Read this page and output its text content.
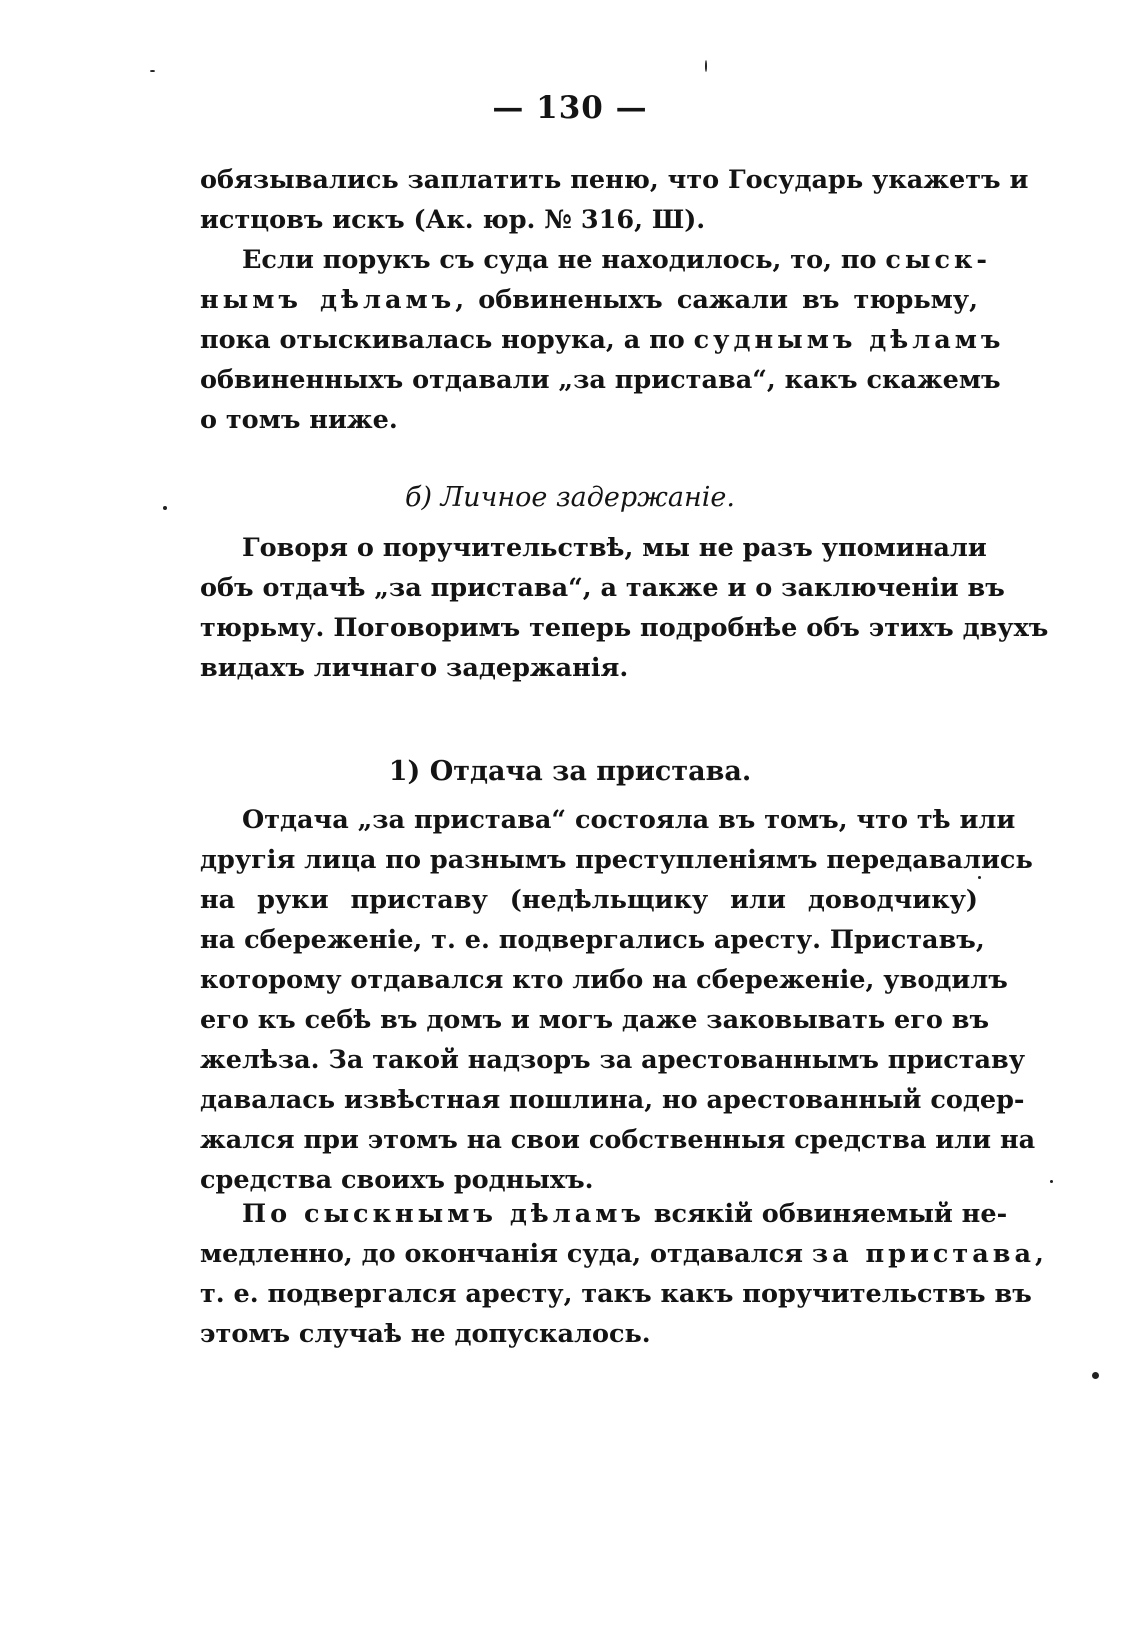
— 130 —
обязывались заплатить пеню, что Государь укажетъ и
истцовъ искъ (Ак. юр. № 316, Ш).
Если порукъ съ суда не находилось, то, по сыск-
нымъ дѣламъ, обвиненыхъ сажали въ тюрьму,
пока отыскивалась норука, а по суднымъ дѣламъ
обвиненныхъ отдавали „за пристава“, какъ скажемъ
о томъ ниже.
б) Личное задержаніе.
Говоря о поручительствѣ, мы не разъ упоминали
объ отдачѣ „за пристава“, а также и о заключеніи въ
тюрьму. Поговоримъ теперь подробнѣе объ этихъ двухъ
видахъ личнаго задержанія.
1) Отдача за пристава.
Отдача „за пристава“ состояла въ томъ, что тѣ или
другія лица по разнымъ преступленіямъ передавались
на руки приставу (недѣльщику или доводчику)
на сбереженіе, т. е. подвергались аресту. Приставъ,
которому отдавался кто либо на сбереженіе, уводилъ
его къ себѣ въ домъ и могъ даже заковывать его въ
желѣза. За такой надзоръ за арестованнымъ приставу
давалась извѣстная пошлина, но арестованный содер-
жался при этомъ на свои собственныя средства или на
средства своихъ родныхъ.
По сыскнымъ дѣламъ всякій обвиняемый не-
медленно, до окончанія суда, отдавался за пристава,
т. е. подвергался аресту, такъ какъ поручительствъ въ
этомъ случаѣ не допускалось.
